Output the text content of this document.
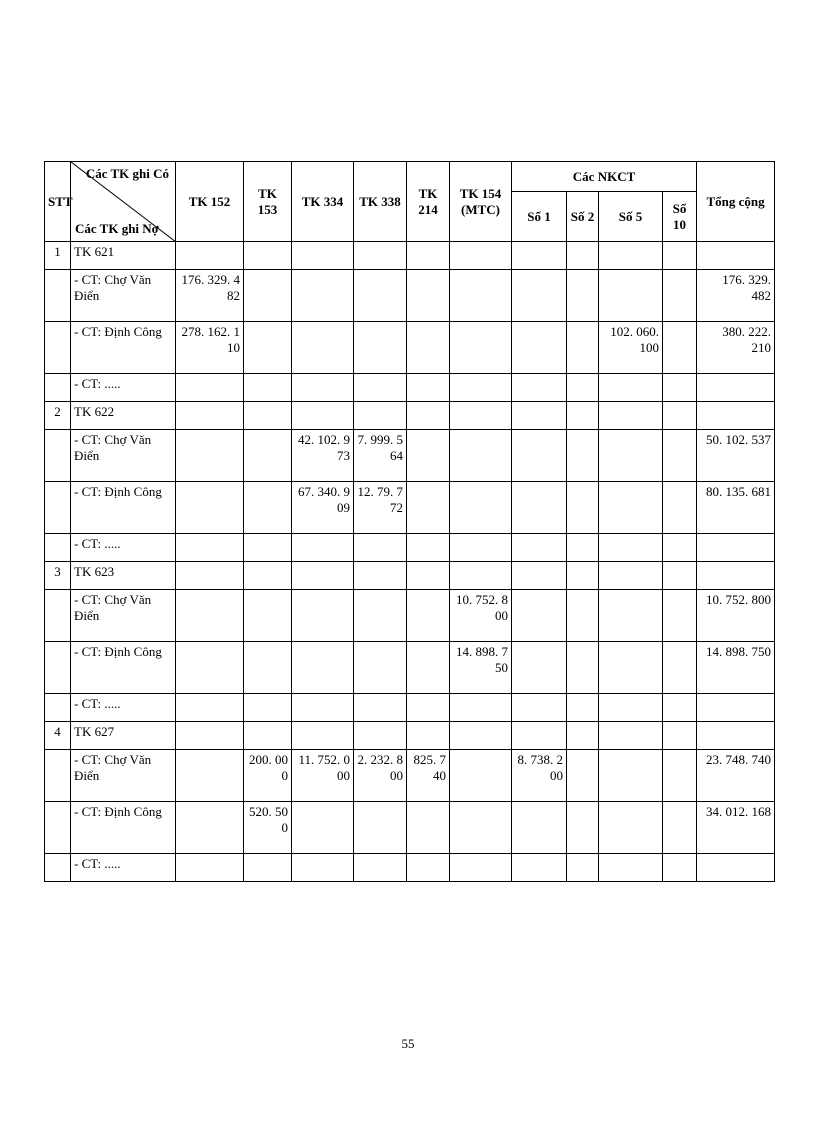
STT	Các TK ghi Có
Các TK ghi Nợ	TK 152	TK 153	TK 334	TK 338	TK 214	TK 154 (MTC)	Các NKCT				Tổng cộng
								Số 1	Số 2	Số 5	Số 10	
1	TK 621											
	- CT: Chợ Văn Điển	176. 329. 482										176. 329. 482
	- CT: Định Công	278. 162. 110								102. 060. 100		380. 222. 210
	- CT: .....											
2	TK 622											
	- CT: Chợ Văn Điển			42. 102. 973	7. 999. 564							50. 102. 537
	- CT: Định Công			67. 340. 909	12. 79. 772							80. 135. 681
	- CT: .....											
3	TK 623											
	- CT: Chợ Văn Điển						10. 752. 800					10. 752. 800
	- CT: Định Công						14. 898. 750					14. 898. 750
	- CT: .....											
4	TK 627											
	- CT: Chợ Văn Điển		200. 000	11. 752. 000	2. 232. 800	825. 740		8. 738. 200				23. 748. 740
	- CT: Định Công		520. 500									34. 012. 168
	- CT: .....											
55
